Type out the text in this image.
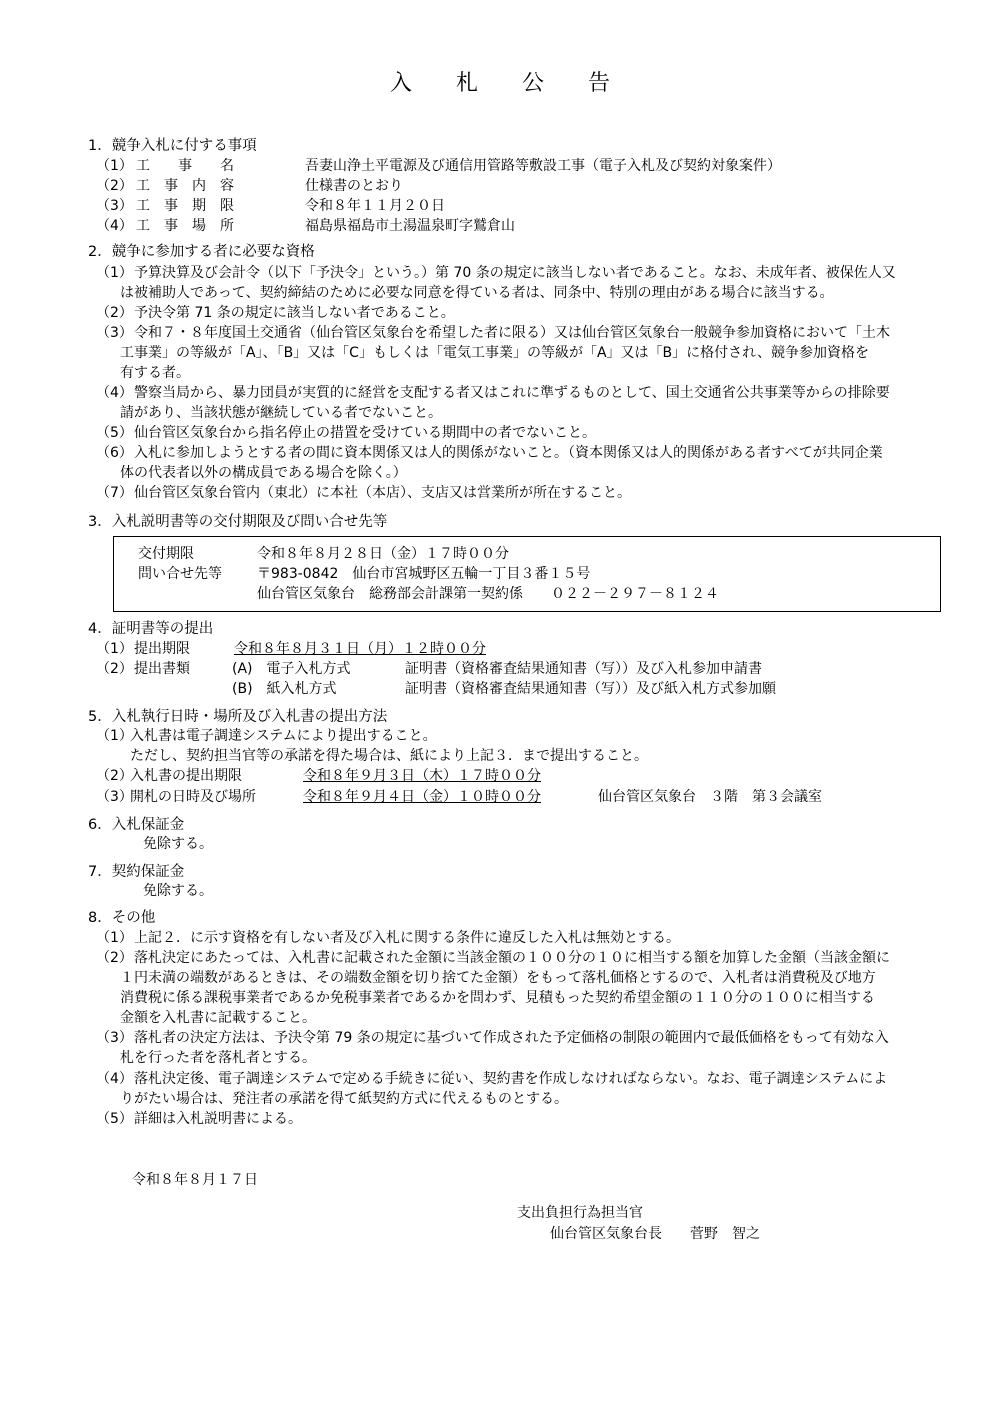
入 札 公 告
1．競争入札に付する事項
（1） 工　　事　　名	吾妻山浄土平電源及び通信用管路等敷設工事（電子入札及び契約対象案件）
（2） 工　事　内　容	仕様書のとおり
（3） 工　事　期　限	令和８年１１月２０日
（4） 工　事　場　所	福島県福島市土湯温泉町字鷲倉山
2．競争に参加する者に必要な資格
（1） 予算決算及び会計令（以下「予決令」という。）第 70 条の規定に該当しない者であること。なお、未成年者、被保佐人又
は被補助人であって、契約締結のために必要な同意を得ている者は、同条中、特別の理由がある場合に該当する。
（2） 予決令第 71 条の規定に該当しない者であること。
（3） 令和７・８年度国土交通省（仙台管区気象台を希望した者に限る）又は仙台管区気象台一般競争参加資格において「土木
工事業」の等級が「A」、「B」又は「C」もしくは「電気工事業」の等級が「A」又は「B」に格付され、競争参加資格を
有する者。
（4） 警察当局から、暴力団員が実質的に経営を支配する者又はこれに準ずるものとして、国土交通省公共事業等からの排除要
請があり、当該状態が継続している者でないこと。
（5） 仙台管区気象台から指名停止の措置を受けている期間中の者でないこと。
（6） 入札に参加しようとする者の間に資本関係又は人的関係がないこと。（資本関係又は人的関係がある者すべてが共同企業
体の代表者以外の構成員である場合を除く。）
（7） 仙台管区気象台管内（東北）に本社（本店）、支店又は営業所が所在すること。
3．入札説明書等の交付期限及び問い合せ先等
交付期限	令和８年８月２８日（金）１７時００分
問い合せ先等	〒983-0842　仙台市宮城野区五輪一丁目３番１５号
仙台管区気象台　総務部会計課第一契約係　　０２２－２９７－８１２４
4．証明書等の提出
（1） 提出期限	令和８年８月３１日（月）１２時００分
（2） 提出書類	(A)　電子入札方式	証明書（資格審査結果通知書（写））及び入札参加申請書
(B)　紙入札方式	証明書（資格審査結果通知書（写））及び紙入札方式参加願
5．入札執行日時・場所及び入札書の提出方法
（1）
入札書は電子調達システムにより提出すること。
ただし、契約担当官等の承諾を得た場合は、紙により上記３．まで提出すること。
（2）
入札書の提出期限	令和８年９月３日（木）１７時００分
（3）
開札の日時及び場所	令和８年９月４日（金）１０時００分	仙台管区気象台　３階　第３会議室
6．入札保証金
免除する。
7．契約保証金
免除する。
8．その他
（1） 上記２．に示す資格を有しない者及び入札に関する条件に違反した入札は無効とする。
（2） 落札決定にあたっては、入札書に記載された金額に当該金額の１００分の１０に相当する額を加算した金額（当該金額に
１円未満の端数があるときは、その端数金額を切り捨てた金額）をもって落札価格とするので、入札者は消費税及び地方
消費税に係る課税事業者であるか免税事業者であるかを問わず、見積もった契約希望金額の１１０分の１００に相当する
金額を入札書に記載すること。
（3） 落札者の決定方法は、予決令第 79 条の規定に基づいて作成された予定価格の制限の範囲内で最低価格をもって有効な入
札を行った者を落札者とする。
（4） 落札決定後、電子調達システムで定める手続きに従い、契約書を作成しなければならない。なお、電子調達システムによ
りがたい場合は、発注者の承諾を得て紙契約方式に代えるものとする。
（5） 詳細は入札説明書による。
令和８年８月１７日
支出負担行為担当官
仙台管区気象台長　　菅野　智之
